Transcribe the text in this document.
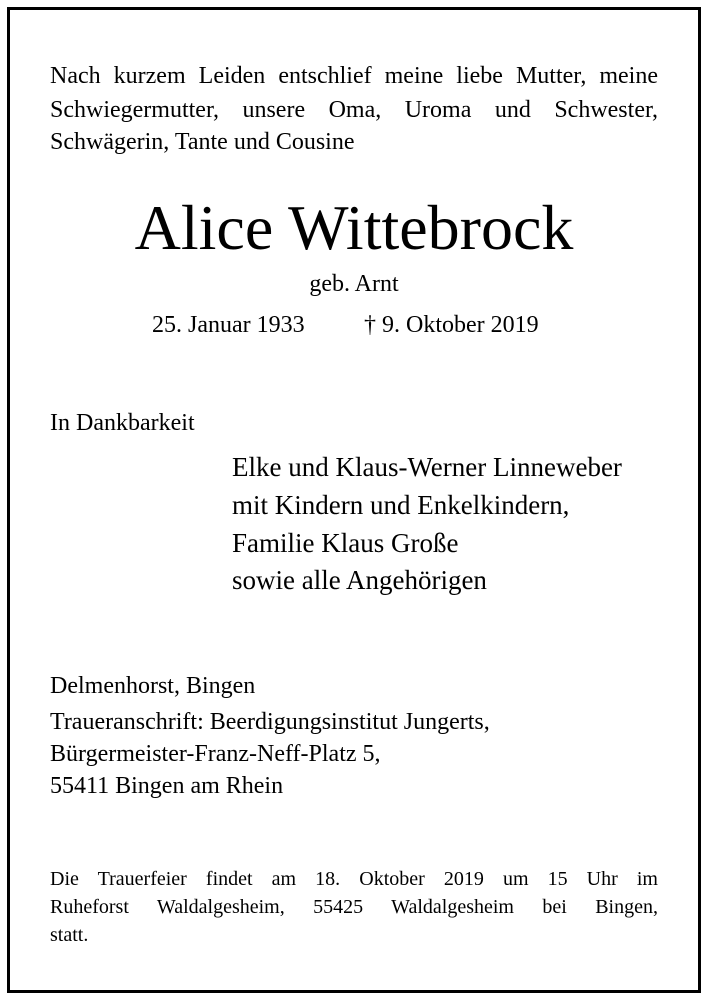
Nach kurzem Leiden entschlief meine liebe Mutter, meine
Schwiegermutter, unsere Oma, Uroma und Schwester,
Schwägerin, Tante und Cousine
Alice Wittebrock
geb. Arnt
25. Januar 1933 † 9. Oktober 2019
In Dankbarkeit
Elke und Klaus-Werner Linneweber
mit Kindern und Enkelkindern,
Familie Klaus Große
sowie alle Angehörigen
Delmenhorst, Bingen
Traueranschrift: Beerdigungsinstitut Jungerts,
Bürgermeister-Franz-Neff-Platz 5,
55411 Bingen am Rhein
Die Trauerfeier findet am 18. Oktober 2019 um 15 Uhr im
Ruheforst Waldalgesheim, 55425 Waldalgesheim bei Bingen,
statt.
